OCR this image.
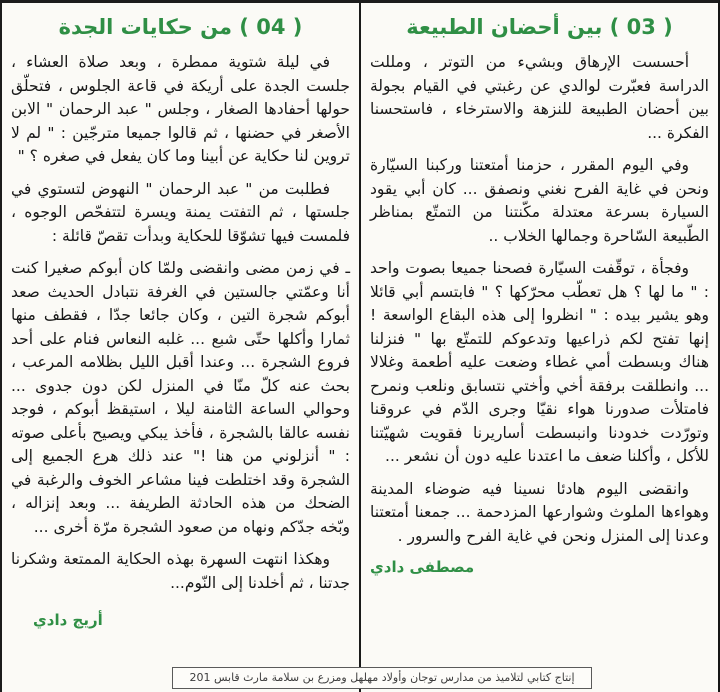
( 03 ) بين أحضان الطبيعة

أحسست الإرهاق وبشيء من التوتر ، ومللت الدراسة فعبّرت لوالدي عن رغبتي في القيام بجولة بين أحضان الطبيعة للنزهة والاسترخاء ، فاستحسنا الفكرة ...

وفي اليوم المقرر ، حزمنا أمتعتنا وركبنا السيّارة ونحن في غاية الفرح نغني ونصفق ... كان أبي يقود السيارة بسرعة معتدلة مكّنتنا من التمتّع بمناظر الطّبيعة السّاحرة وجمالها الخلاب ..

وفجأة ، توقّفت السيّارة فصحنا جميعا بصوت واحد : " ما لها ؟ هل تعطّب محرّكها ؟ " فابتسم أبي قائلا وهو يشير بيده : " انظروا إلى هذه البقاع الواسعة ! إنها تفتح لكم ذراعيها وتدعوكم للتمتّع بها " فنزلنا هناك وبسطت أمي غطاء وضعت عليه أطعمة وغلالا ... وانطلقت برفقة أخي وأختي نتسابق ونلعب ونمرح فامتلأت صدورنا هواء نقيّا وجرى الدّم في عروقنا وتورّدت خدودنا وانبسطت أساريرنا فقويت شهيّتنا للأكل ، وأكلنا ضعف ما اعتدنا عليه دون أن نشعر ...

وانقضى اليوم هادئا نسينا فيه ضوضاء المدينة وهواءها الملوث وشوارعها المزدحمة ... جمعنا أمتعتنا وعدنا إلى المنزل ونحن في غاية الفرح والسرور .

مصطفى دادي
( 04 ) من حكايات الجدة

في ليلة شتوية ممطرة ، وبعد صلاة العشاء ، جلست الجدة على أريكة في قاعة الجلوس ، فتحلّق حولها أحفادها الصغار ، وجلس " عبد الرحمان " الابن الأصغر في حضنها ، ثم قالوا جميعا مترجّين : " لم لا تروين لنا حكاية عن أبينا وما كان يفعل في صغره ؟ "

فطلبت من " عبد الرحمان " النهوض لتستوي في جلستها ، ثم التفتت يمنة ويسرة لتتفحّص الوجوه ، فلمست فيها تشوّقا للحكاية وبدأت تقصّ قائلة :

ـ في زمن مضى وانقضى ولمّا كان أبوكم صغيرا كنت أنا وعمّتي جالستين في الغرفة نتبادل الحديث صعد أبوكم شجرة التين ، وكان جائعا جدّا ، فقطف منها ثمارا وأكلها حتّى شبع ... غلبه النعاس فنام على أحد فروع الشجرة ... وعندا أقبل الليل بظلامه المرعب ، بحث عنه كلّ منّا في المنزل لكن دون جدوى ... وحوالي الساعة الثامنة ليلا ، استيقظ أبوكم ، فوجد نفسه عالقا بالشجرة ، فأخذ يبكي ويصيح بأعلى صوته : " أنزلوني من هنا !" عند ذلك هرع الجميع إلى الشجرة وقد اختلطت فينا مشاعر الخوف والرغبة في الضحك من هذه الحادثة الطريفة ... وبعد إنزاله ، وبّخه جدّكم ونهاه من صعود الشجرة مرّة أخرى ...

وهكذا انتهت السهرة بهذه الحكاية الممتعة وشكرنا جدتنا ، ثم أخلدنا إلى النّوم...

أريج دادي
إنتاج كتابي لتلاميذ من مدارس توجان وأولاد مهلهل ومزرع بن سلامة مارث قابس 201
